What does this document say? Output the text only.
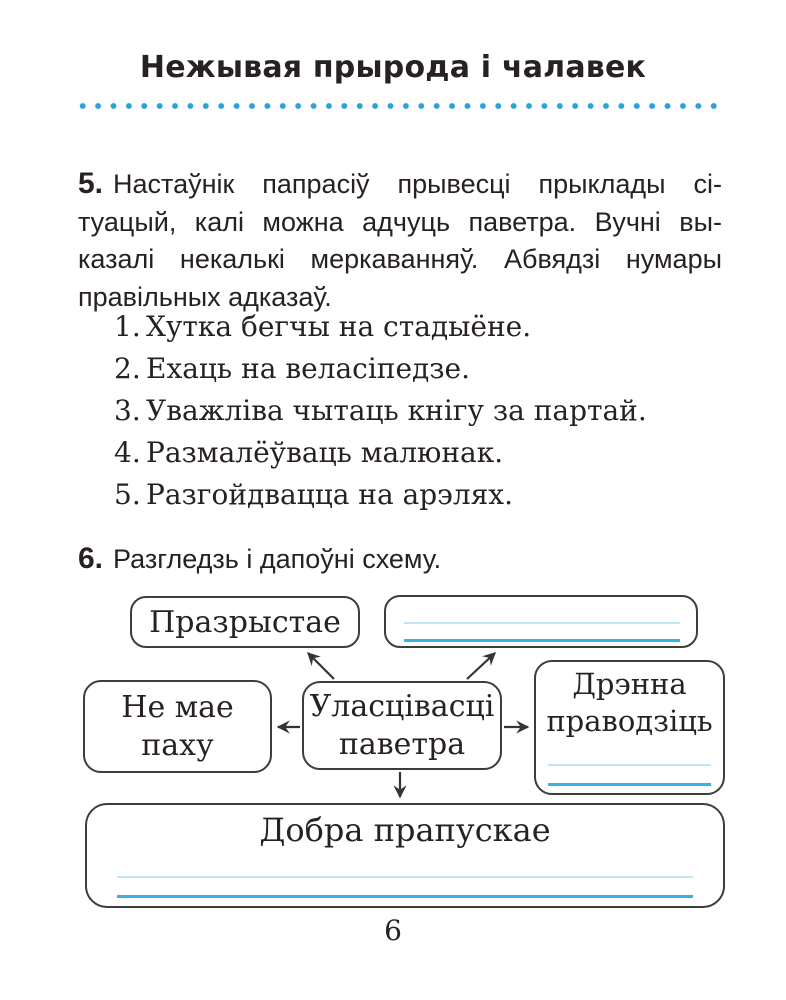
Нежывая прырода і чалавек
5. Настаўнік папрасіў прывесці прыклады сі-
туацый, калі можна адчуць паветра. Вучні вы-
казалі некалькі меркаванняў. Абвядзі нумары
правільных адказаў.
1. Хутка бегчы на стадыёне.
2. Ехаць на веласіпедзе.
3. Уважліва чытаць кнігу за партай.
4. Размалёўваць малюнак.
5. Разгойдвацца на арэлях.
6. Разгледзь і дапоўні схему.
Празрыстае
Не мае
паху
Уласцівасці
паветра
Дрэнна
праводзіць
Добра прапускае
6
